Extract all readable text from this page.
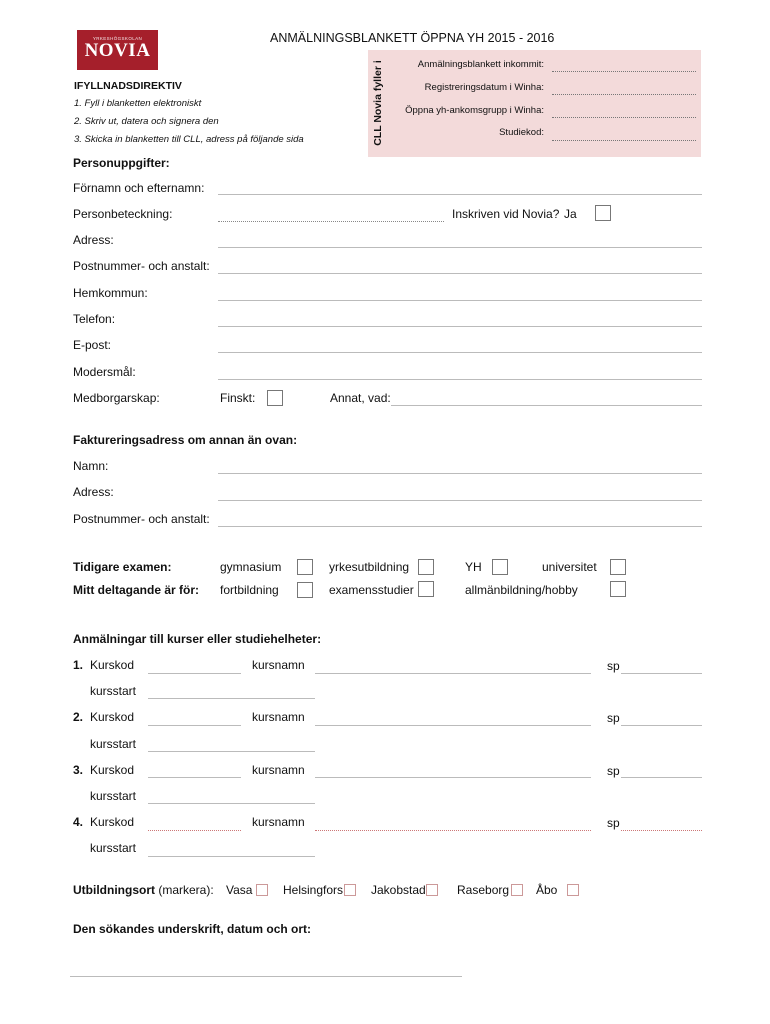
YRKESHÖGSKOLAN
NOVIA
ANMÄLNINGSBLANKETT ÖPPNA YH 2015 - 2016
CLL Novia fyller i	Anmälningsblankett inkommit:
Registreringsdatum i Winha:
Öppna yh-ankomsgrupp i Winha:
Studiekod:
IFYLLNADSDIREKTIV
1. Fyll i blanketten elektroniskt
2. Skriv ut, datera och signera den
3. Skicka in blanketten till CLL, adress på följande sida
Personuppgifter:
Förnamn och efternamn:
Personbeteckning:	Inskriven vid Novia? Ja
Adress:
Postnummer- och anstalt:
Hemkommun:
Telefon:
E-post:
Modersmål:
Medborgarskap:	Finskt:	Annat, vad:
Faktureringsadress om annan än ovan:
Namn:
Adress:
Postnummer- och anstalt:
Tidigare examen:	gymnasium	yrkesutbildning	YH	universitet
Mitt deltagande är för: fortbildning	examensstudier	allmänbildning/hobby
Anmälningar till kurser eller studiehelheter:
1. Kurskod	kursnamn	sp
kursstart
2. Kurskod	kursnamn	sp
kursstart
3. Kurskod	kursnamn	sp
kursstart
4. Kurskod	kursnamn	sp
kursstart
Utbildningsort (markera): Vasa	Helsingfors Jakobstad	Raseborg Åbo
Den sökandes underskrift, datum och ort:
